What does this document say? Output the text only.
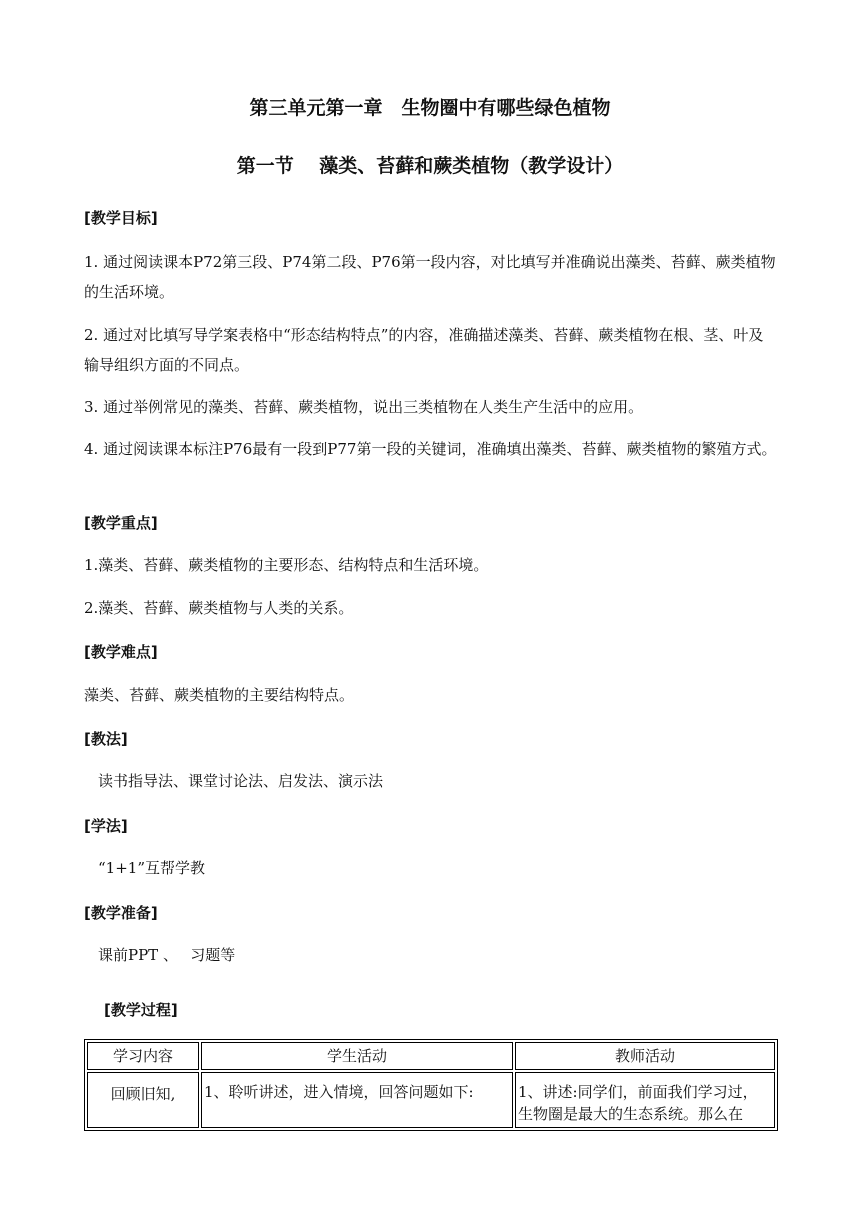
第三单元第一章　生物圈中有哪些绿色植物
第一节　 藻类、苔藓和蕨类植物（教学设计）
[教学目标]
1. 通过阅读课本P72第三段、P74第二段、P76第一段内容，对比填写并准确说出藻类、苔藓、蕨类植物的生活环境。
2. 通过对比填写导学案表格中“形态结构特点”的内容，准确描述藻类、苔藓、蕨类植物在根、茎、叶及输导组织方面的不同点。
3. 通过举例常见的藻类、苔藓、蕨类植物，说出三类植物在人类生产生活中的应用。
4. 通过阅读课本标注P76最有一段到P77第一段的关键词，准确填出藻类、苔藓、蕨类植物的繁殖方式。
[教学重点]
1.藻类、苔藓、蕨类植物的主要形态、结构特点和生活环境。
2.藻类、苔藓、蕨类植物与人类的关系。
[教学难点]
藻类、苔藓、蕨类植物的主要结构特点。
[教法]
读书指导法、课堂讨论法、启发法、演示法
[学法]
“1+1”互帮学教
[教学准备]
课前PPT 、　 习题等
[教学过程]
学习内容	学生活动	教师活动
回顾旧知,	1、聆听讲述，进入情境，回答问题如下:	1、讲述:同学们，前面我们学习过，生物圈是最大的生态系统。那么在
